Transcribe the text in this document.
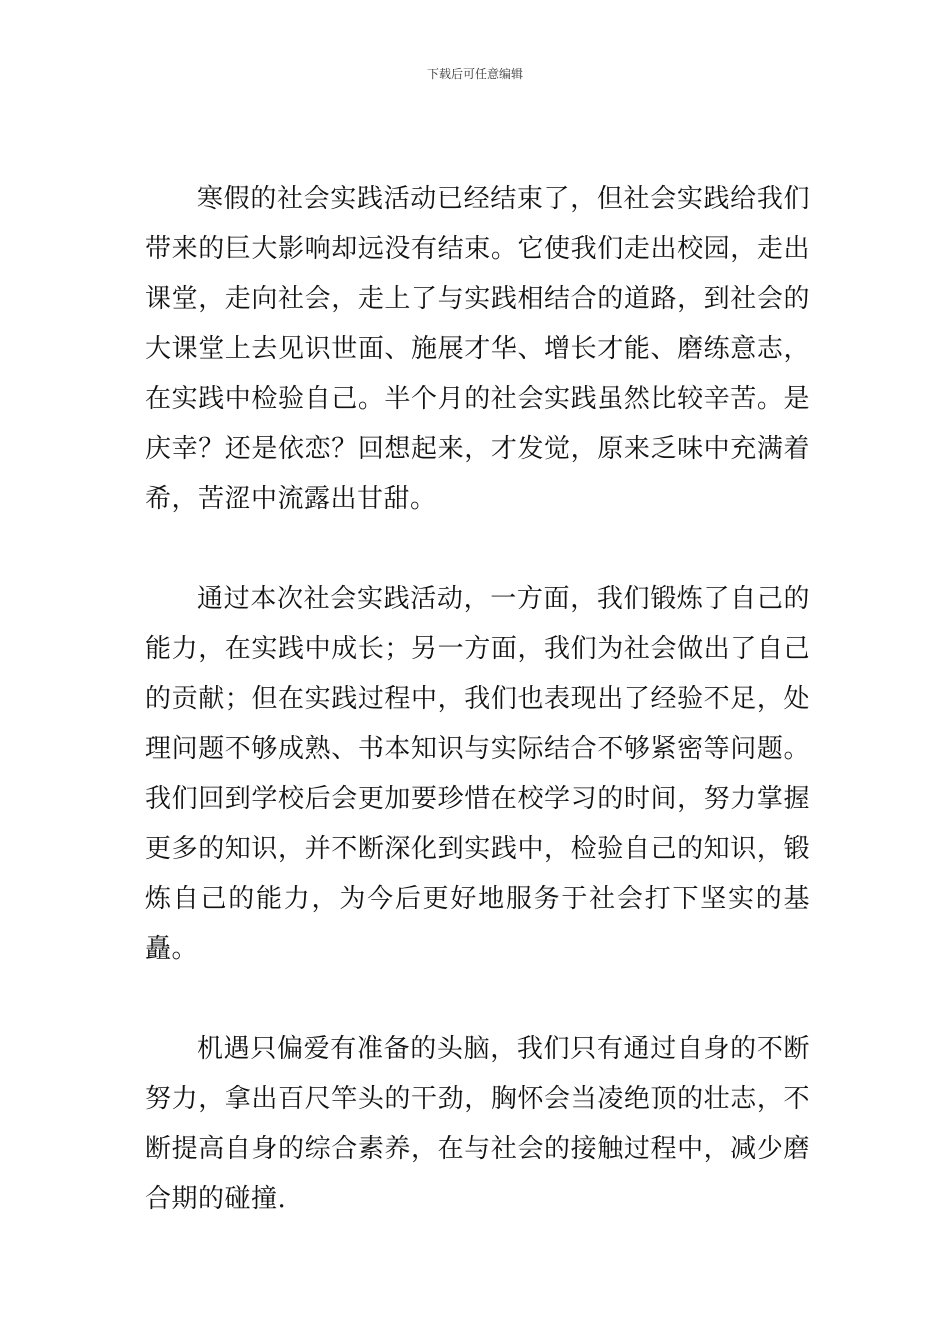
下载后可任意编辑

寒假的社会实践活动已经结束了，但社会实践给我们带来的巨大影响却远没有结束。它使我们走出校园，走出课堂，走向社会，走上了与实践相结合的道路，到社会的大课堂上去见识世面、施展才华、增长才能、磨练意志，在实践中检验自己。半个月的社会实践虽然比较辛苦。是庆幸？还是依恋？回想起来，才发觉，原来乏味中充满着希，苦涩中流露出甘甜。

通过本次社会实践活动，一方面，我们锻炼了自己的能力，在实践中成长；另一方面，我们为社会做出了自己的贡献；但在实践过程中，我们也表现出了经验不足，处理问题不够成熟、书本知识与实际结合不够紧密等问题。我们回到学校后会更加要珍惜在校学习的时间，努力掌握更多的知识，并不断深化到实践中，检验自己的知识，锻炼自己的能力，为今后更好地服务于社会打下坚实的基矗。

机遇只偏爱有准备的头脑，我们只有通过自身的不断努力，拿出百尺竿头的干劲，胸怀会当凌绝顶的壮志，不断提高自身的综合素养，在与社会的接触过程中，减少磨合期的碰撞.
